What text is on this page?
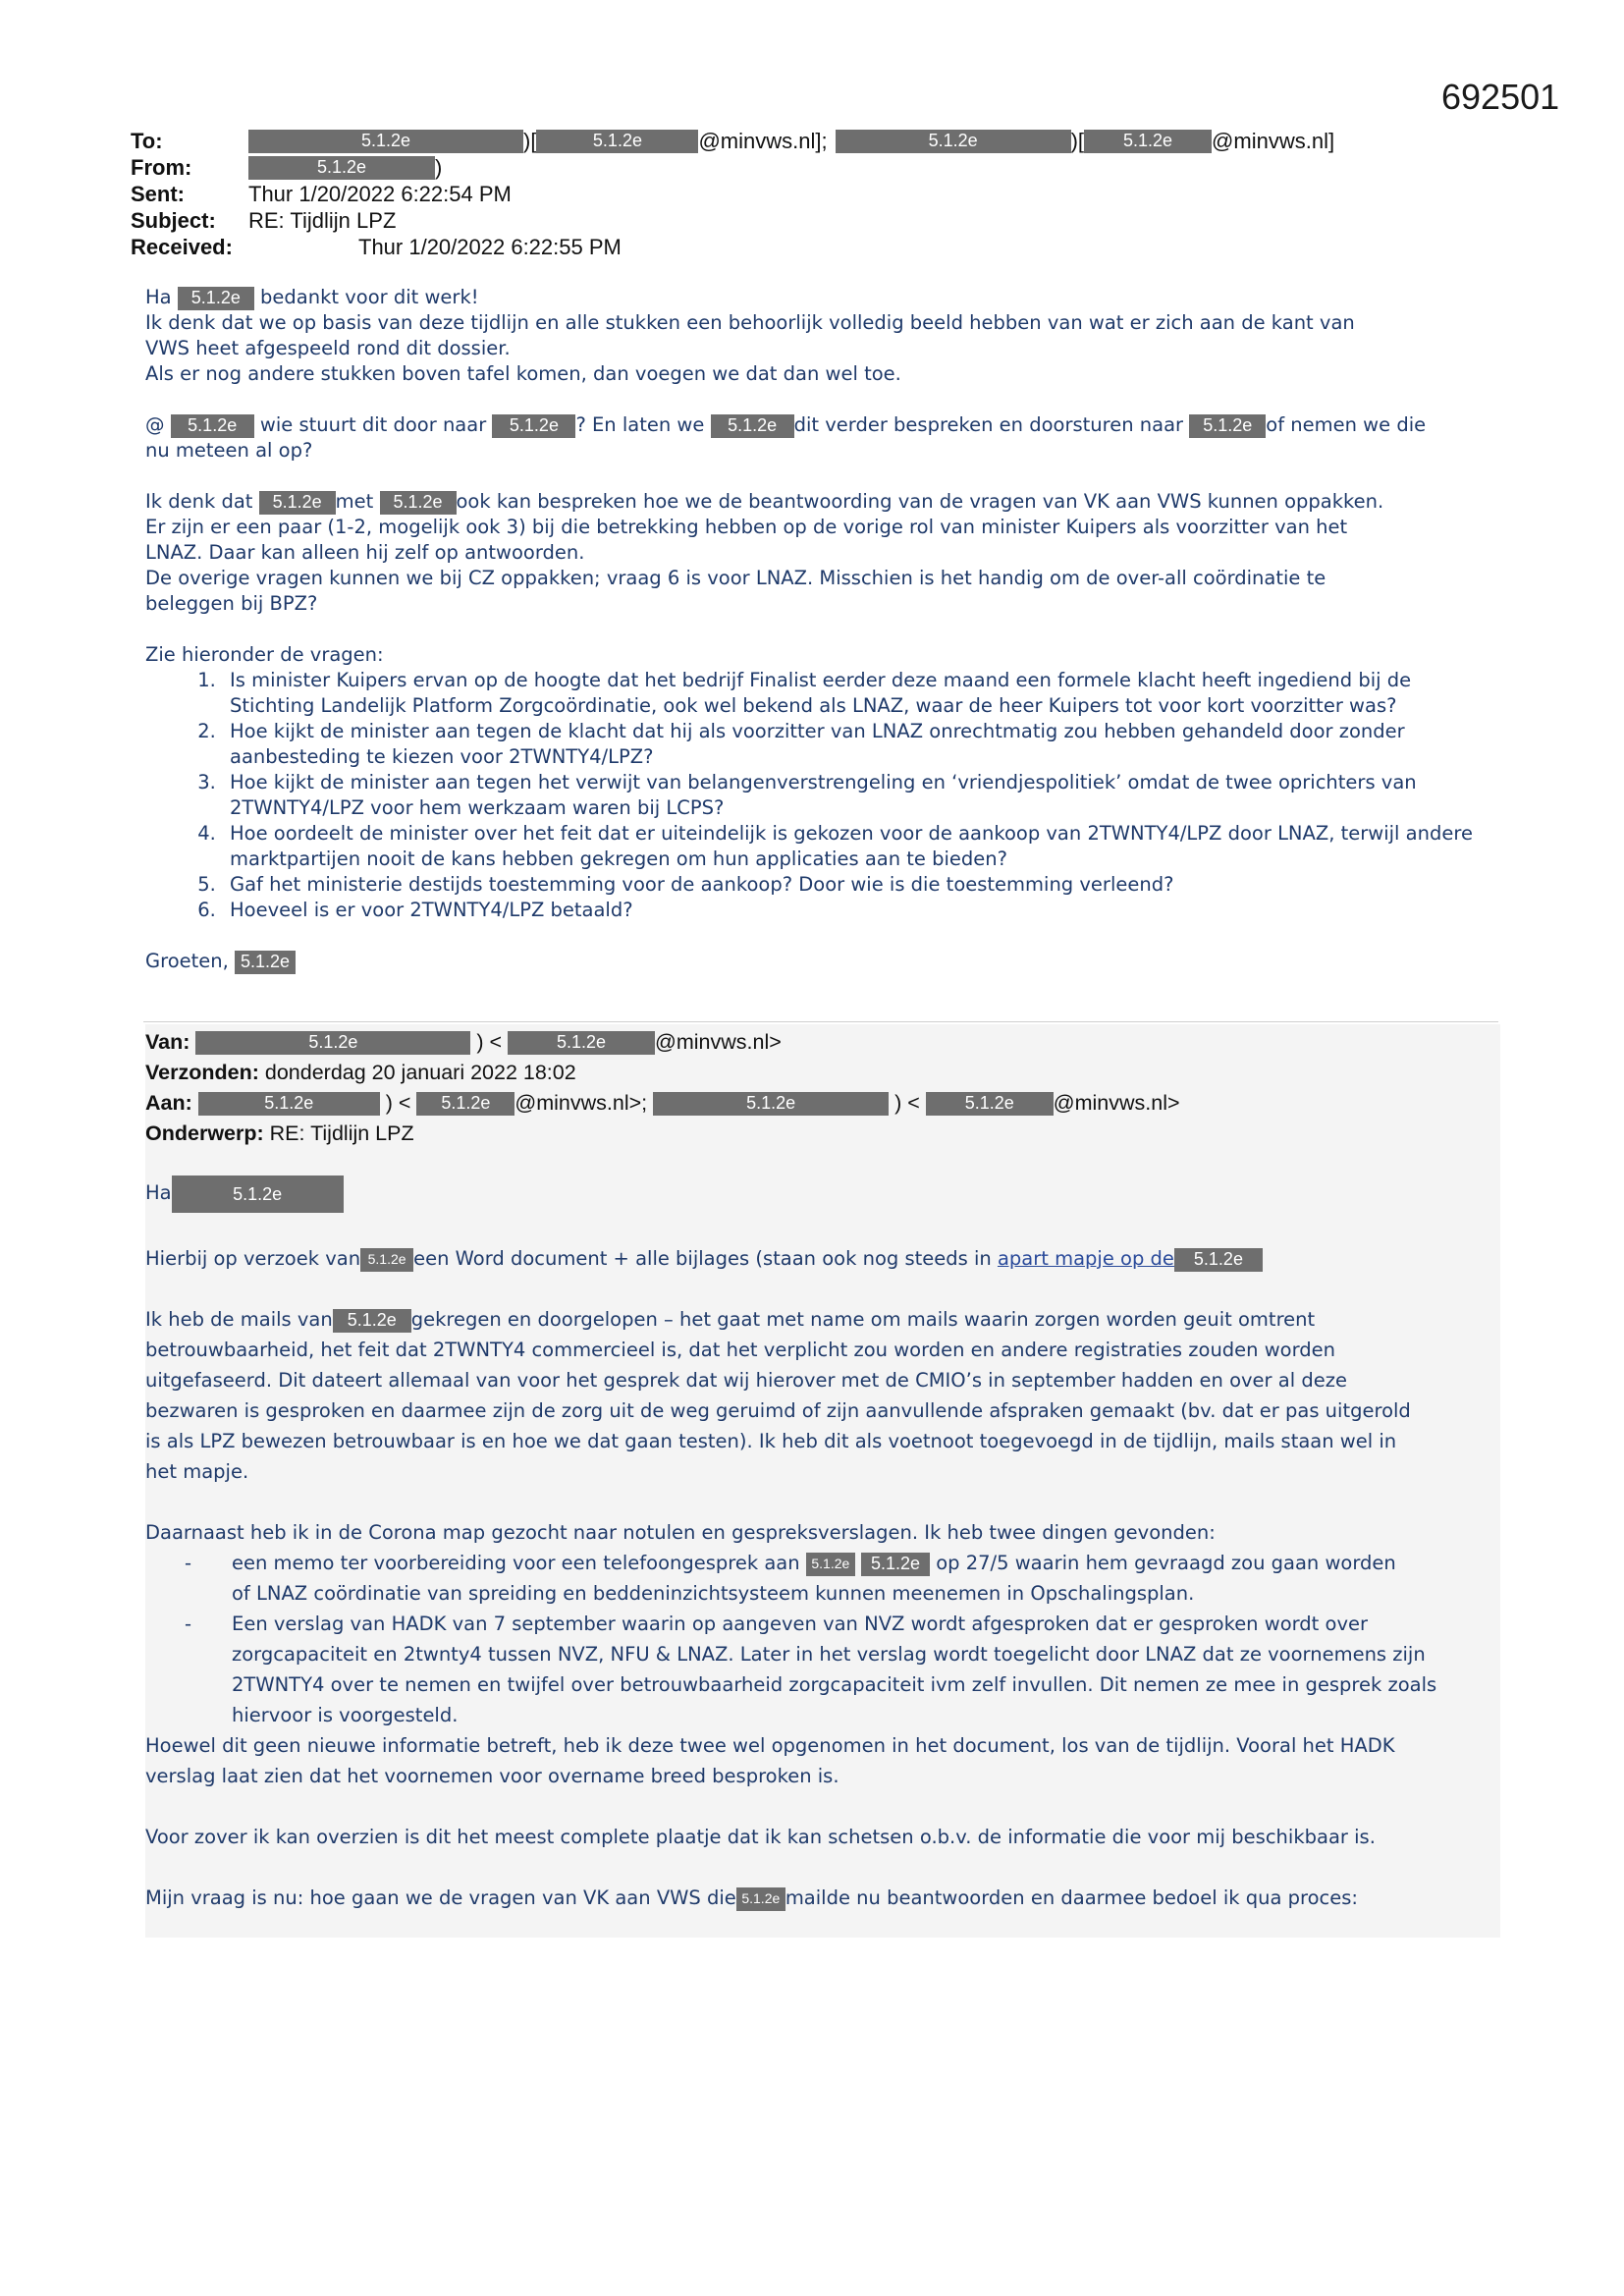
692501
To:	5.1.2e	)[	5.1.2e	@minvws.nl];	5.1.2e	)[	5.1.2e	@minvws.nl]
From:	5.1.2e	)
Sent:	Thur 1/20/2022 6:22:54 PM
Subject:	RE: Tijdlijn LPZ
Received:	Thur 1/20/2022 6:22:55 PM

Ha 5.1.2e bedankt voor dit werk!

Ik denk dat we op basis van deze tijdlijn en alle stukken een behoorlijk volledig beeld hebben van wat er zich aan de kant van

VWS heet afgespeeld rond dit dossier.

Als er nog andere stukken boven tafel komen, dan voegen we dat dan wel toe.

@ 5.1.2e wie stuurt dit door naar 5.1.2e ? En laten we 5.1.2e dit verder bespreken en doorsturen naar 5.1.2e of nemen we die

nu meteen al op?

Ik denk dat 5.1.2e met 5.1.2e ook kan bespreken hoe we de beantwoording van de vragen van VK aan VWS kunnen oppakken.

Er zijn er een paar (1-2, mogelijk ook 3) bij die betrekking hebben op de vorige rol van minister Kuipers als voorzitter van het

LNAZ. Daar kan alleen hij zelf op antwoorden.

De overige vragen kunnen we bij CZ oppakken; vraag 6 is voor LNAZ. Misschien is het handig om de over-all coördinatie te

beleggen bij BPZ?

Zie hieronder de vragen:

1. Is minister Kuipers ervan op de hoogte dat het bedrijf Finalist eerder deze maand een formele klacht heeft ingediend bij de Stichting Landelijk Platform Zorgcoördinatie, ook wel bekend als LNAZ, waar de heer Kuipers tot voor kort voorzitter was?
2. Hoe kijkt de minister aan tegen de klacht dat hij als voorzitter van LNAZ onrechtmatig zou hebben gehandeld door zonder aanbesteding te kiezen voor 2TWNTY4/LPZ?
3. Hoe kijkt de minister aan tegen het verwijt van belangenverstrengeling en ‘vriendjespolitiek’ omdat de twee oprichters van 2TWNTY4/LPZ voor hem werkzaam waren bij LCPS?
4. Hoe oordeelt de minister over het feit dat er uiteindelijk is gekozen voor de aankoop van 2TWNTY4/LPZ door LNAZ, terwijl andere marktpartijen nooit de kans hebben gekregen om hun applicaties aan te bieden?
5. Gaf het ministerie destijds toestemming voor de aankoop? Door wie is die toestemming verleend?
6. Hoeveel is er voor 2TWNTY4/LPZ betaald?

Groeten, 5.1.2e

Van:	5.1.2e	) <	5.1.2e @minvws.nl>
Verzonden: donderdag 20 januari 2022 18:02
Aan:	5.1.2e	) < 5.1.2e @minvws.nl>;	5.1.2e	) < 5.1.2e @minvws.nl>
Onderwerp: RE: Tijdlijn LPZ

Ha	5.1.2e

Hierbij op verzoek van 5.1.2e een Word document + alle bijlages (staan ook nog steeds in apart mapje op de 5.1.2e

Ik heb de mails van 5.1.2e gekregen en doorgelopen – het gaat met name om mails waarin zorgen worden geuit omtrent

betrouwbaarheid, het feit dat 2TWNTY4 commercieel is, dat het verplicht zou worden en andere registraties zouden worden

uitgefaseerd. Dit dateert allemaal van voor het gesprek dat wij hierover met de CMIO’s in september hadden en over al deze

bezwaren is gesproken en daarmee zijn de zorg uit de weg geruimd of zijn aanvullende afspraken gemaakt (bv. dat er pas uitgerold

is als LPZ bewezen betrouwbaar is en hoe we dat gaan testen). Ik heb dit als voetnoot toegevoegd in de tijdlijn, mails staan wel in

het mapje.

Daarnaast heb ik in de Corona map gezocht naar notulen en gespreksverslagen. Ik heb twee dingen gevonden:

- een memo ter voorbereiding voor een telefoongesprek aan 5.1.2e 5.1.2e op 27/5 waarin hem gevraagd zou gaan worden
of LNAZ coördinatie van spreiding en beddeninzichtsysteem kunnen meenemen in Opschalingsplan.
- Een verslag van HADK van 7 september waarin op aangeven van NVZ wordt afgesproken dat er gesproken wordt over zorgcapaciteit en 2twnty4 tussen NVZ, NFU & LNAZ. Later in het verslag wordt toegelicht door LNAZ dat ze voornemens zijn 2TWNTY4 over te nemen en twijfel over betrouwbaarheid zorgcapaciteit ivm zelf invullen. Dit nemen ze mee in gesprek zoals hiervoor is voorgesteld.

Hoewel dit geen nieuwe informatie betreft, heb ik deze twee wel opgenomen in het document, los van de tijdlijn. Vooral het HADK

verslag laat zien dat het voornemen voor overname breed besproken is.

Voor zover ik kan overzien is dit het meest complete plaatje dat ik kan schetsen o.b.v. de informatie die voor mij beschikbaar is.

Mijn vraag is nu: hoe gaan we de vragen van VK aan VWS die 5.1.2e mailde nu beantwoorden en daarmee bedoel ik qua proces:
